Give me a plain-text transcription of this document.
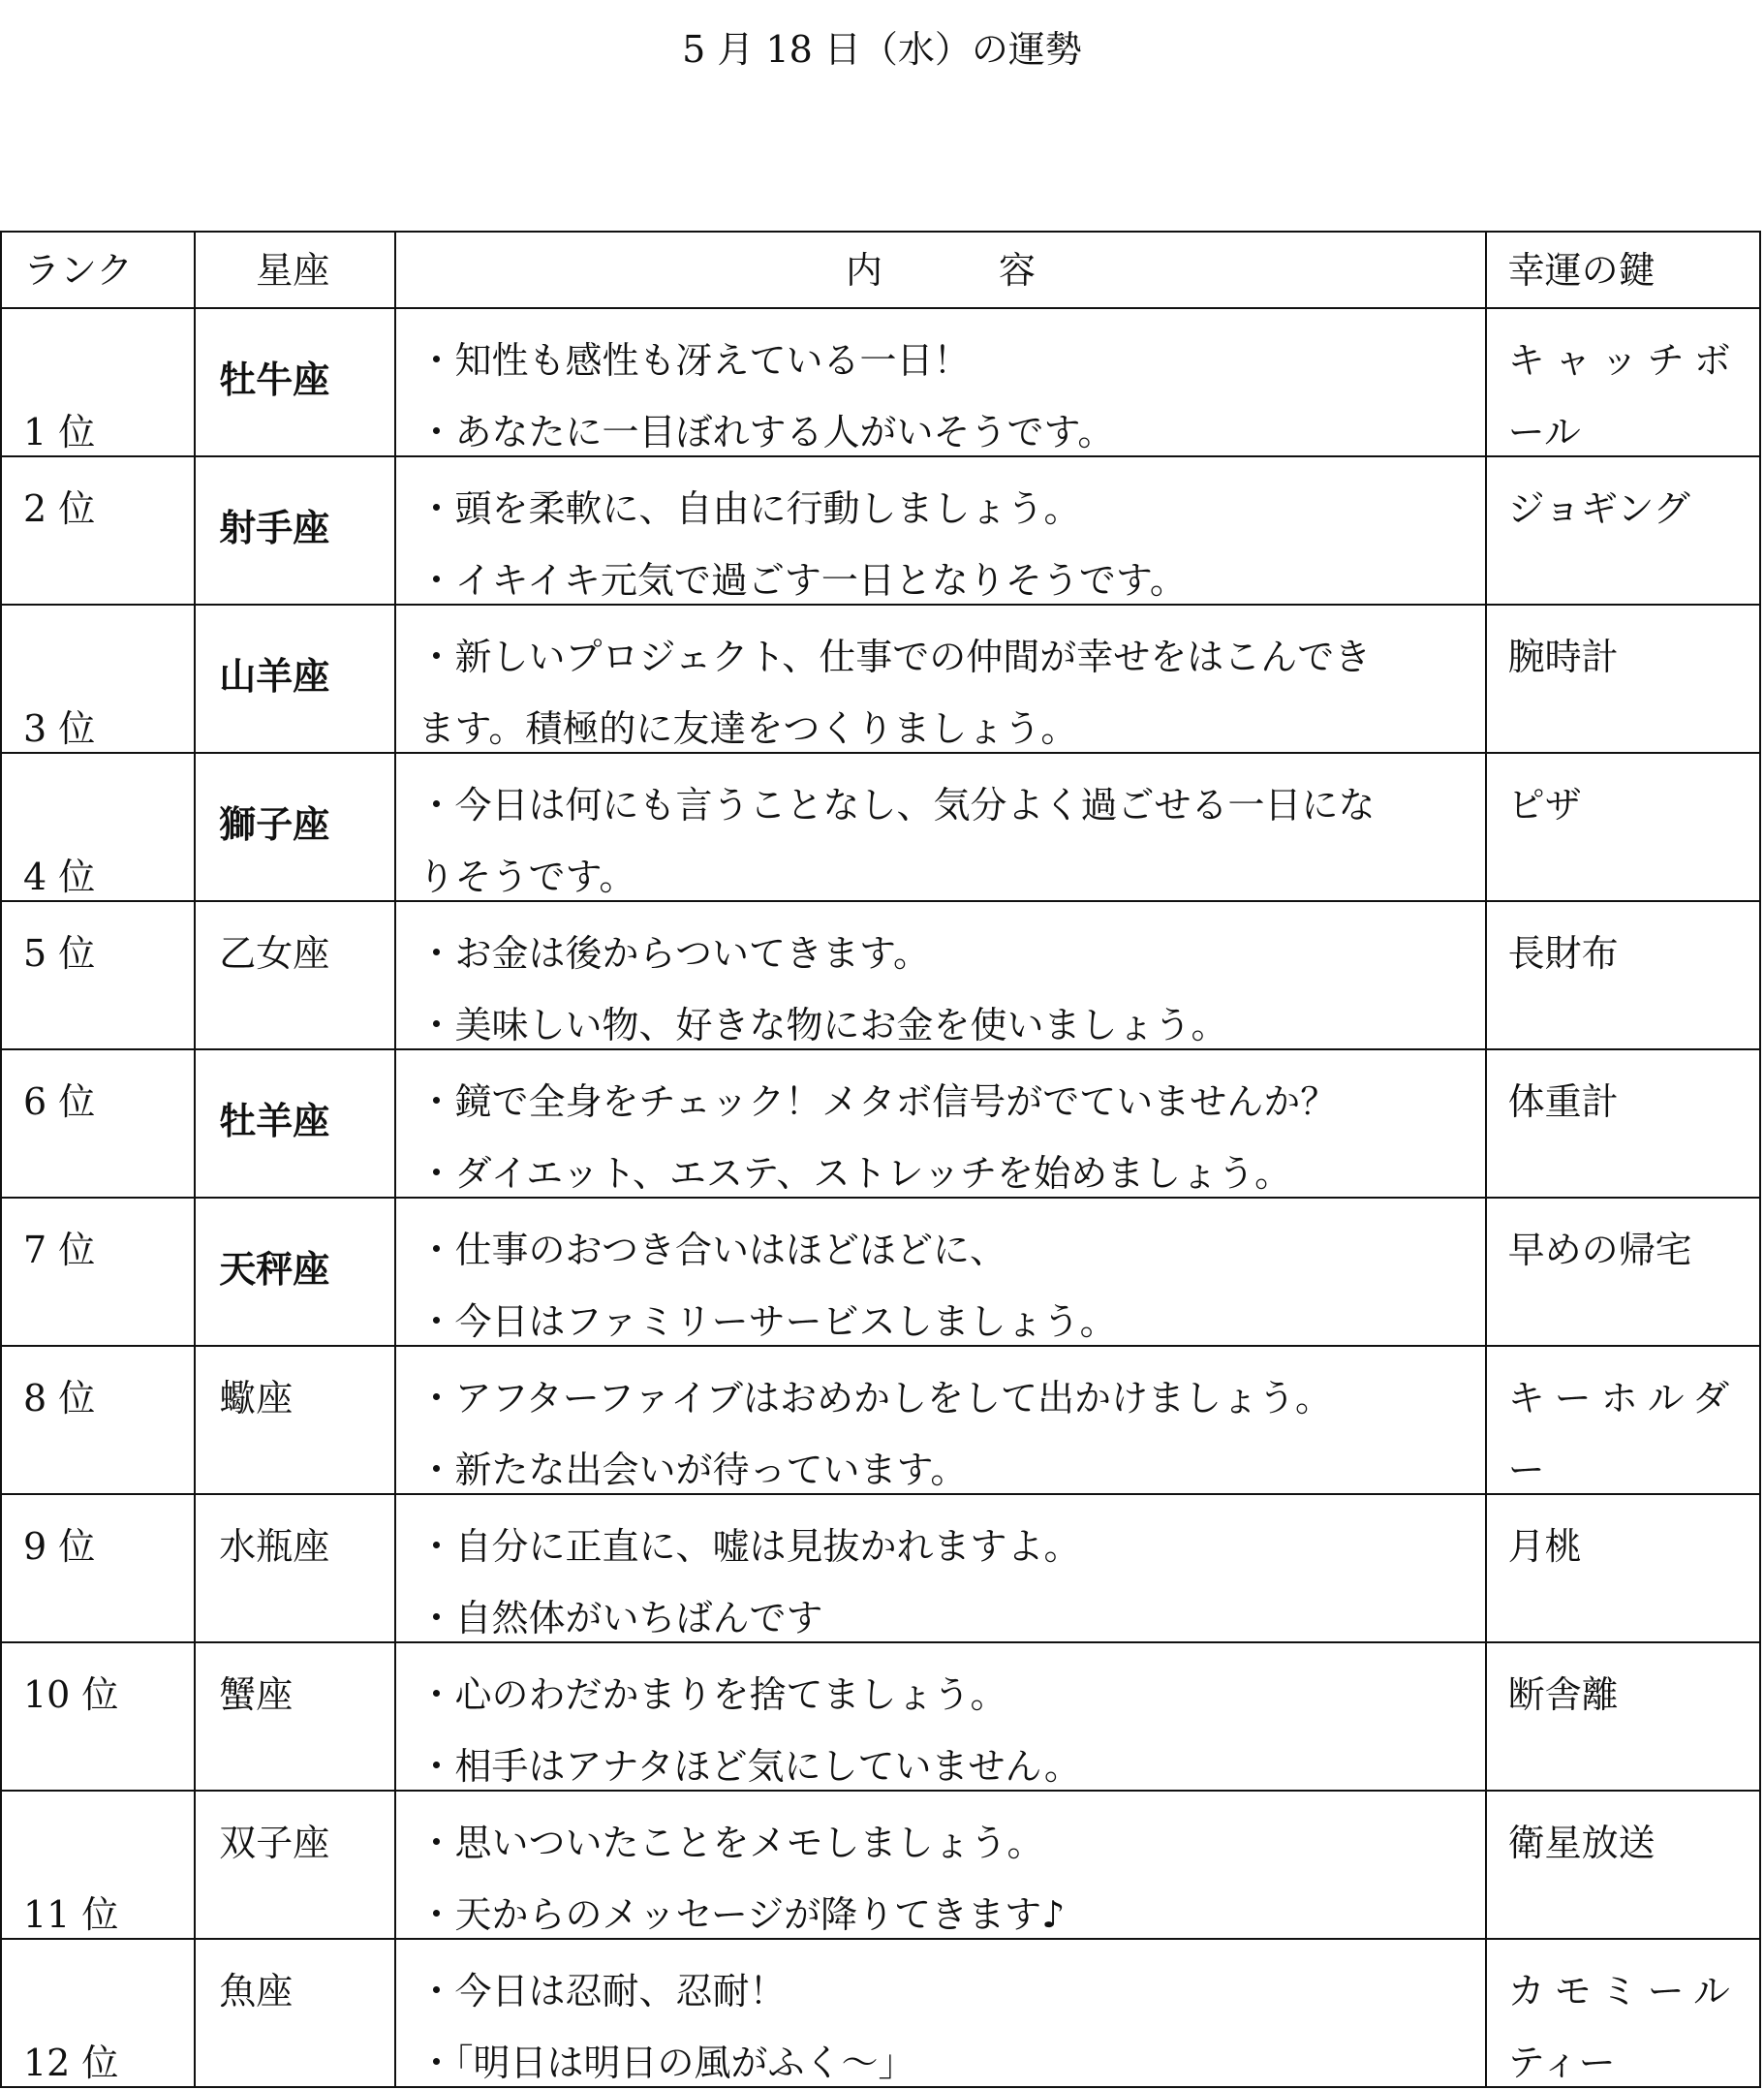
5 月 18 日（水）の運勢
ランク	星座	内 容	幸運の鍵

1 位	牡牛座	・知性も感性も冴えている一日！
・あなたに一目ぼれする人がいそうです。	キャッチボ
ール

2 位	射手座	・頭を柔軟に、自由に行動しましょう。
・イキイキ元気で過ごす一日となりそうです。	ジョギング

3 位	山羊座	・新しいプロジェクト、仕事での仲間が幸せをはこんでき
ます。積極的に友達をつくりましょう。	腕時計

4 位	獅子座	・今日は何にも言うことなし、気分よく過ごせる一日にな
りそうです。	ピザ

5 位	乙女座	・お金は後からついてきます。
・美味しい物、好きな物にお金を使いましょう。	長財布

6 位	牡羊座	・鏡で全身をチェック！メタボ信号がでていませんか？
・ダイエット、エステ、ストレッチを始めましょう。	体重計

7 位	天秤座	・仕事のおつき合いはほどほどに、
・今日はファミリーサービスしましょう。	早めの帰宅

8 位	蠍座	・アフターファイブはおめかしをして出かけましょう。
・新たな出会いが待っています。	キーホルダ
ー

9 位	水瓶座	・自分に正直に、嘘は見抜かれますよ。
・自然体がいちばんです	月桃

10 位	蟹座	・心のわだかまりを捨てましょう。
・相手はアナタほど気にしていません。	断舎離

11 位	双子座	・思いついたことをメモしましょう。
・天からのメッセージが降りてきます♪	衛星放送

12 位	魚座	・今日は忍耐、忍耐！
・「明日は明日の風がふく～」	カモミール
ティー
